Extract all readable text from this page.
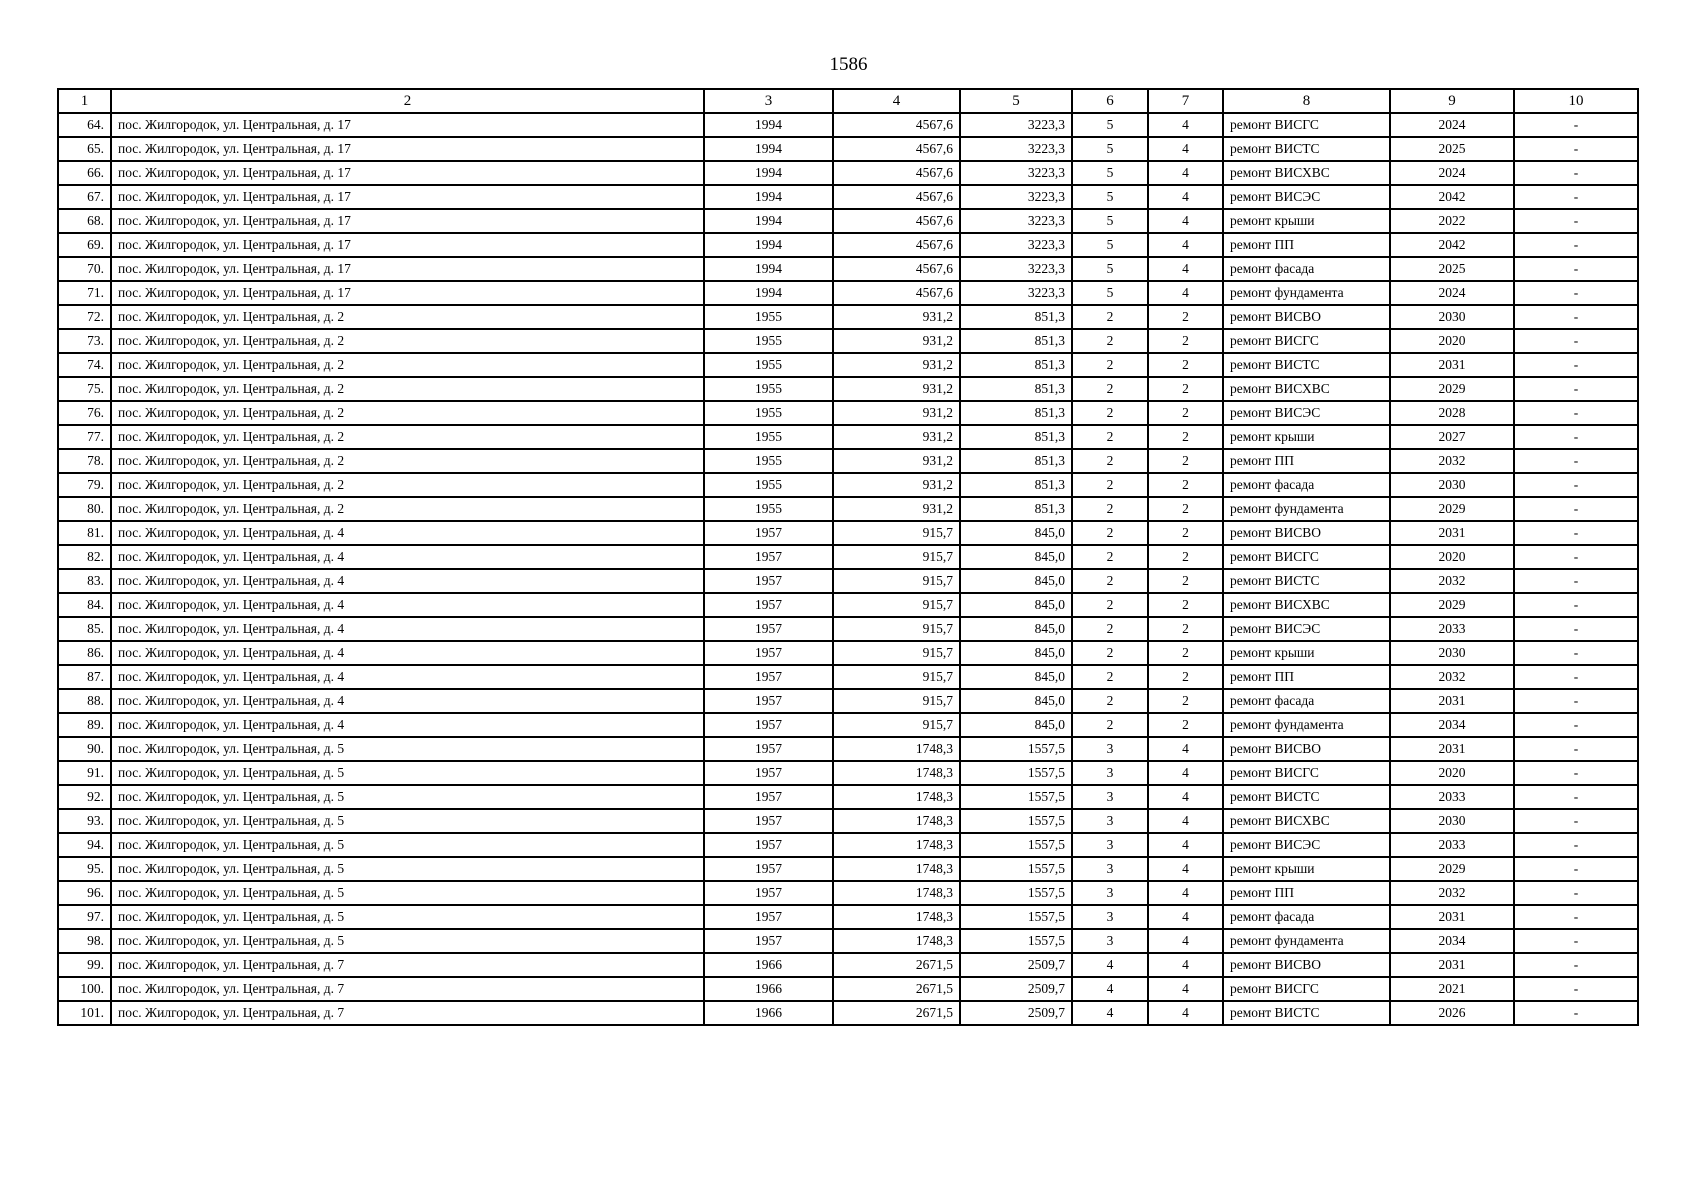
1586
1	2	3	4	5	6	7	8	9	10
64.	пос. Жилгородок, ул. Центральная, д. 17	1994	4567,6	3223,3	5	4	ремонт ВИСГС	2024	-
65.	пос. Жилгородок, ул. Центральная, д. 17	1994	4567,6	3223,3	5	4	ремонт ВИСТС	2025	-
66.	пос. Жилгородок, ул. Центральная, д. 17	1994	4567,6	3223,3	5	4	ремонт ВИСХВС	2024	-
67.	пос. Жилгородок, ул. Центральная, д. 17	1994	4567,6	3223,3	5	4	ремонт ВИСЭС	2042	-
68.	пос. Жилгородок, ул. Центральная, д. 17	1994	4567,6	3223,3	5	4	ремонт крыши	2022	-
69.	пос. Жилгородок, ул. Центральная, д. 17	1994	4567,6	3223,3	5	4	ремонт ПП	2042	-
70.	пос. Жилгородок, ул. Центральная, д. 17	1994	4567,6	3223,3	5	4	ремонт фасада	2025	-
71.	пос. Жилгородок, ул. Центральная, д. 17	1994	4567,6	3223,3	5	4	ремонт фундамента	2024	-
72.	пос. Жилгородок, ул. Центральная, д. 2	1955	931,2	851,3	2	2	ремонт ВИСВО	2030	-
73.	пос. Жилгородок, ул. Центральная, д. 2	1955	931,2	851,3	2	2	ремонт ВИСГС	2020	-
74.	пос. Жилгородок, ул. Центральная, д. 2	1955	931,2	851,3	2	2	ремонт ВИСТС	2031	-
75.	пос. Жилгородок, ул. Центральная, д. 2	1955	931,2	851,3	2	2	ремонт ВИСХВС	2029	-
76.	пос. Жилгородок, ул. Центральная, д. 2	1955	931,2	851,3	2	2	ремонт ВИСЭС	2028	-
77.	пос. Жилгородок, ул. Центральная, д. 2	1955	931,2	851,3	2	2	ремонт крыши	2027	-
78.	пос. Жилгородок, ул. Центральная, д. 2	1955	931,2	851,3	2	2	ремонт ПП	2032	-
79.	пос. Жилгородок, ул. Центральная, д. 2	1955	931,2	851,3	2	2	ремонт фасада	2030	-
80.	пос. Жилгородок, ул. Центральная, д. 2	1955	931,2	851,3	2	2	ремонт фундамента	2029	-
81.	пос. Жилгородок, ул. Центральная, д. 4	1957	915,7	845,0	2	2	ремонт ВИСВО	2031	-
82.	пос. Жилгородок, ул. Центральная, д. 4	1957	915,7	845,0	2	2	ремонт ВИСГС	2020	-
83.	пос. Жилгородок, ул. Центральная, д. 4	1957	915,7	845,0	2	2	ремонт ВИСТС	2032	-
84.	пос. Жилгородок, ул. Центральная, д. 4	1957	915,7	845,0	2	2	ремонт ВИСХВС	2029	-
85.	пос. Жилгородок, ул. Центральная, д. 4	1957	915,7	845,0	2	2	ремонт ВИСЭС	2033	-
86.	пос. Жилгородок, ул. Центральная, д. 4	1957	915,7	845,0	2	2	ремонт крыши	2030	-
87.	пос. Жилгородок, ул. Центральная, д. 4	1957	915,7	845,0	2	2	ремонт ПП	2032	-
88.	пос. Жилгородок, ул. Центральная, д. 4	1957	915,7	845,0	2	2	ремонт фасада	2031	-
89.	пос. Жилгородок, ул. Центральная, д. 4	1957	915,7	845,0	2	2	ремонт фундамента	2034	-
90.	пос. Жилгородок, ул. Центральная, д. 5	1957	1748,3	1557,5	3	4	ремонт ВИСВО	2031	-
91.	пос. Жилгородок, ул. Центральная, д. 5	1957	1748,3	1557,5	3	4	ремонт ВИСГС	2020	-
92.	пос. Жилгородок, ул. Центральная, д. 5	1957	1748,3	1557,5	3	4	ремонт ВИСТС	2033	-
93.	пос. Жилгородок, ул. Центральная, д. 5	1957	1748,3	1557,5	3	4	ремонт ВИСХВС	2030	-
94.	пос. Жилгородок, ул. Центральная, д. 5	1957	1748,3	1557,5	3	4	ремонт ВИСЭС	2033	-
95.	пос. Жилгородок, ул. Центральная, д. 5	1957	1748,3	1557,5	3	4	ремонт крыши	2029	-
96.	пос. Жилгородок, ул. Центральная, д. 5	1957	1748,3	1557,5	3	4	ремонт ПП	2032	-
97.	пос. Жилгородок, ул. Центральная, д. 5	1957	1748,3	1557,5	3	4	ремонт фасада	2031	-
98.	пос. Жилгородок, ул. Центральная, д. 5	1957	1748,3	1557,5	3	4	ремонт фундамента	2034	-
99.	пос. Жилгородок, ул. Центральная, д. 7	1966	2671,5	2509,7	4	4	ремонт ВИСВО	2031	-
100.	пос. Жилгородок, ул. Центральная, д. 7	1966	2671,5	2509,7	4	4	ремонт ВИСГС	2021	-
101.	пос. Жилгородок, ул. Центральная, д. 7	1966	2671,5	2509,7	4	4	ремонт ВИСТС	2026	-
